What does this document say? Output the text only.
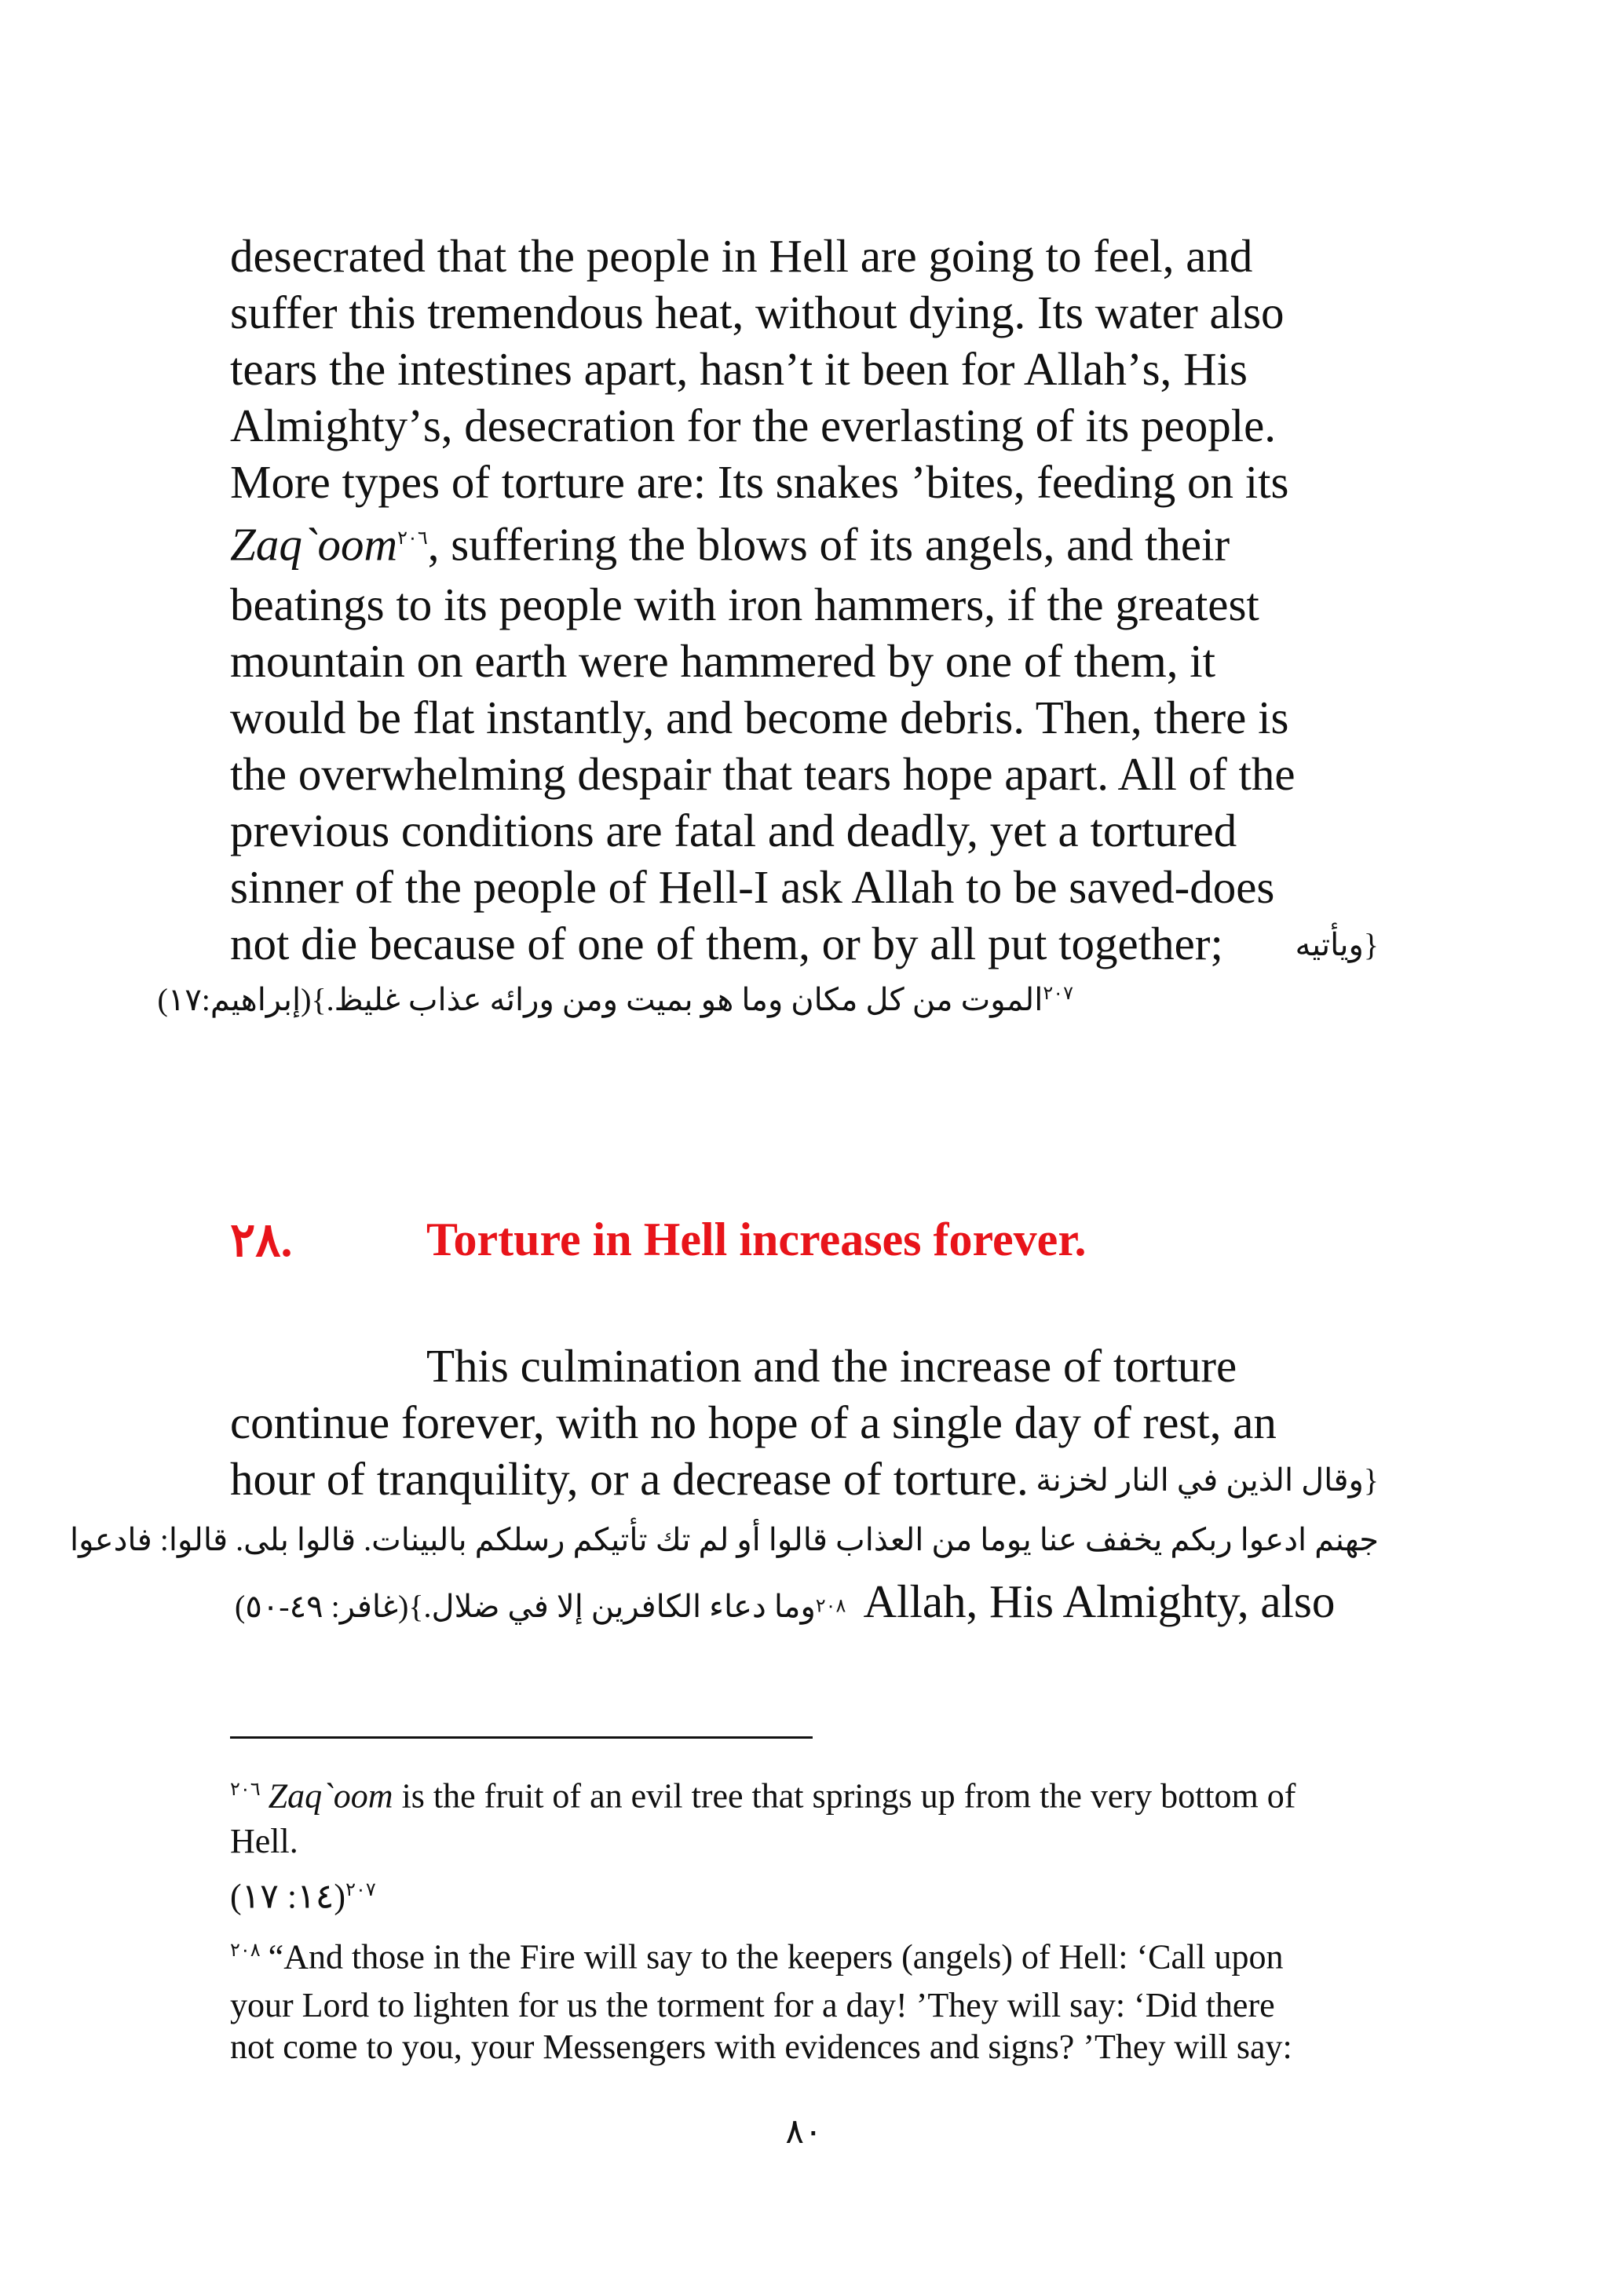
desecrated that the people in Hell are going to feel, and
suffer this tremendous heat, without dying. Its water also
tears the intestines apart, hasnʼt it been for Allahʼs, His
Almightyʼs, desecration for the everlasting of its people.
More types of torture are: Its snakes ’bites, feeding on its
Zaq`oom$^{٢٠٦}$, suffering the blows of its angels, and their
beatings to its people with iron hammers, if the greatest
mountain on earth were hammered by one of them, it
would be flat instantly, and become debris. Then, there is
the overwhelming despair that tears hope apart. All of the
previous conditions are fatal and deadly, yet a tortured
sinner of the people of Hell-I ask Allah to be saved-does
not die because of one of them, or by all put together; {ويأتيه
$^{٢٠٧}$الموت من كل مكان وما هو بميت ومن ورائه عذاب غليظ.}(إبراهيم:١٧)
٢٨.	Torture in Hell increases forever.
This culmination and the increase of torture
continue forever, with no hope of a single day of rest, an
hour of tranquility, or a decrease of torture. {وقال الذين في النار لخزنة
جهنم ادعوا ربكم يخفف عنا يوما من العذاب قالوا أو لم تك تأتيكم رسلكم بالبينات. قالوا بلى. قالوا: فادعوا
٢٠٨وما دعاء الكافرين إلا في ضلال.}(غافر: ٤٩-٥٠) Allah, His Almighty, also
$^{٢٠٦}$ Zaq`oom is the fruit of an evil tree that springs up from the very bottom of
Hell.
$^{٢٠٧}$(١٤: ١٧)
$^{٢٠٨}$ “And those in the Fire will say to the keepers (angels) of Hell: ‘Call upon
your Lord to lighten for us the torment for a day! ’They will say: ‘Did there
not come to you, your Messengers with evidences and signs? ’They will say:
٨٠
